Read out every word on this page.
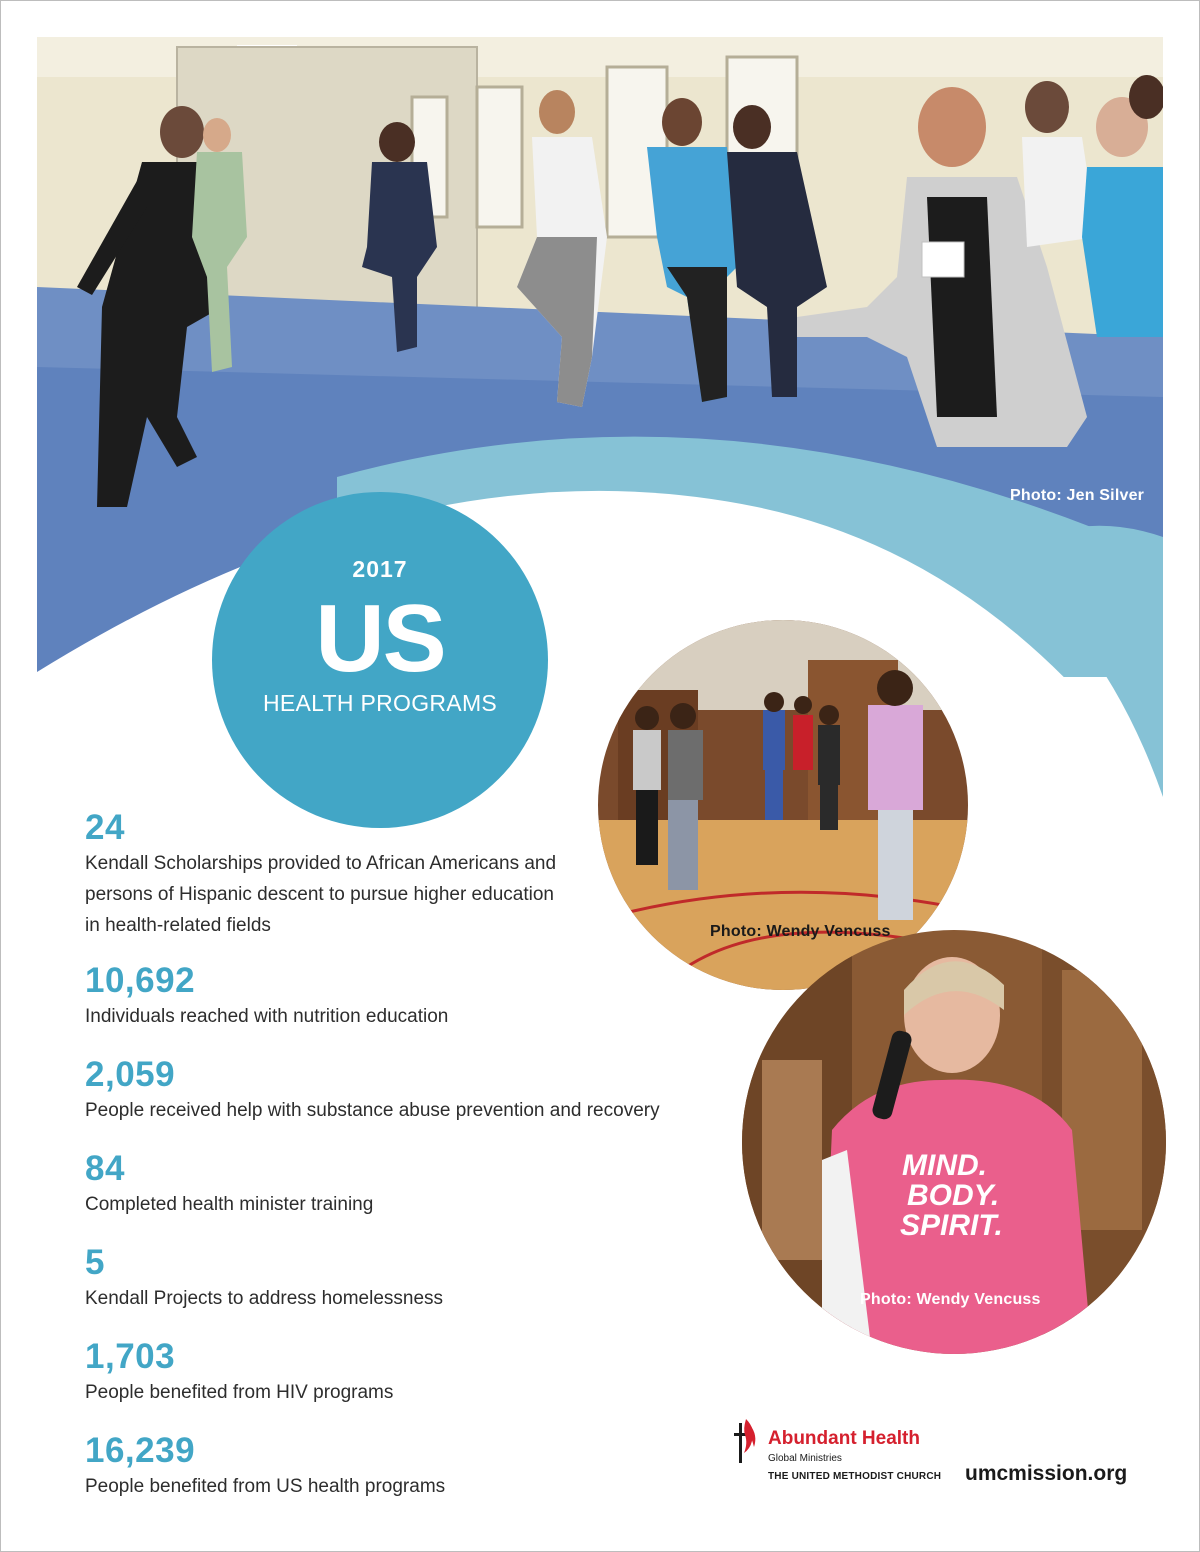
Photo: Jen Silver
2017
US
HEALTH PROGRAMS
Photo: Wendy Vencuss
MIND.
BODY.
SPIRIT.
Photo: Wendy Vencuss
24
Kendall Scholarships provided to African Americans and
persons of Hispanic descent to pursue higher education
in health-related fields
10,692
Individuals reached with nutrition education
2,059
People received help with substance abuse prevention and recovery
84
Completed health minister training
5
Kendall Projects to address homelessness
1,703
People benefited from HIV programs
16,239
People benefited from US health programs
Abundant Health
Global Ministries
THE UNITED METHODIST CHURCH umcmission.org
